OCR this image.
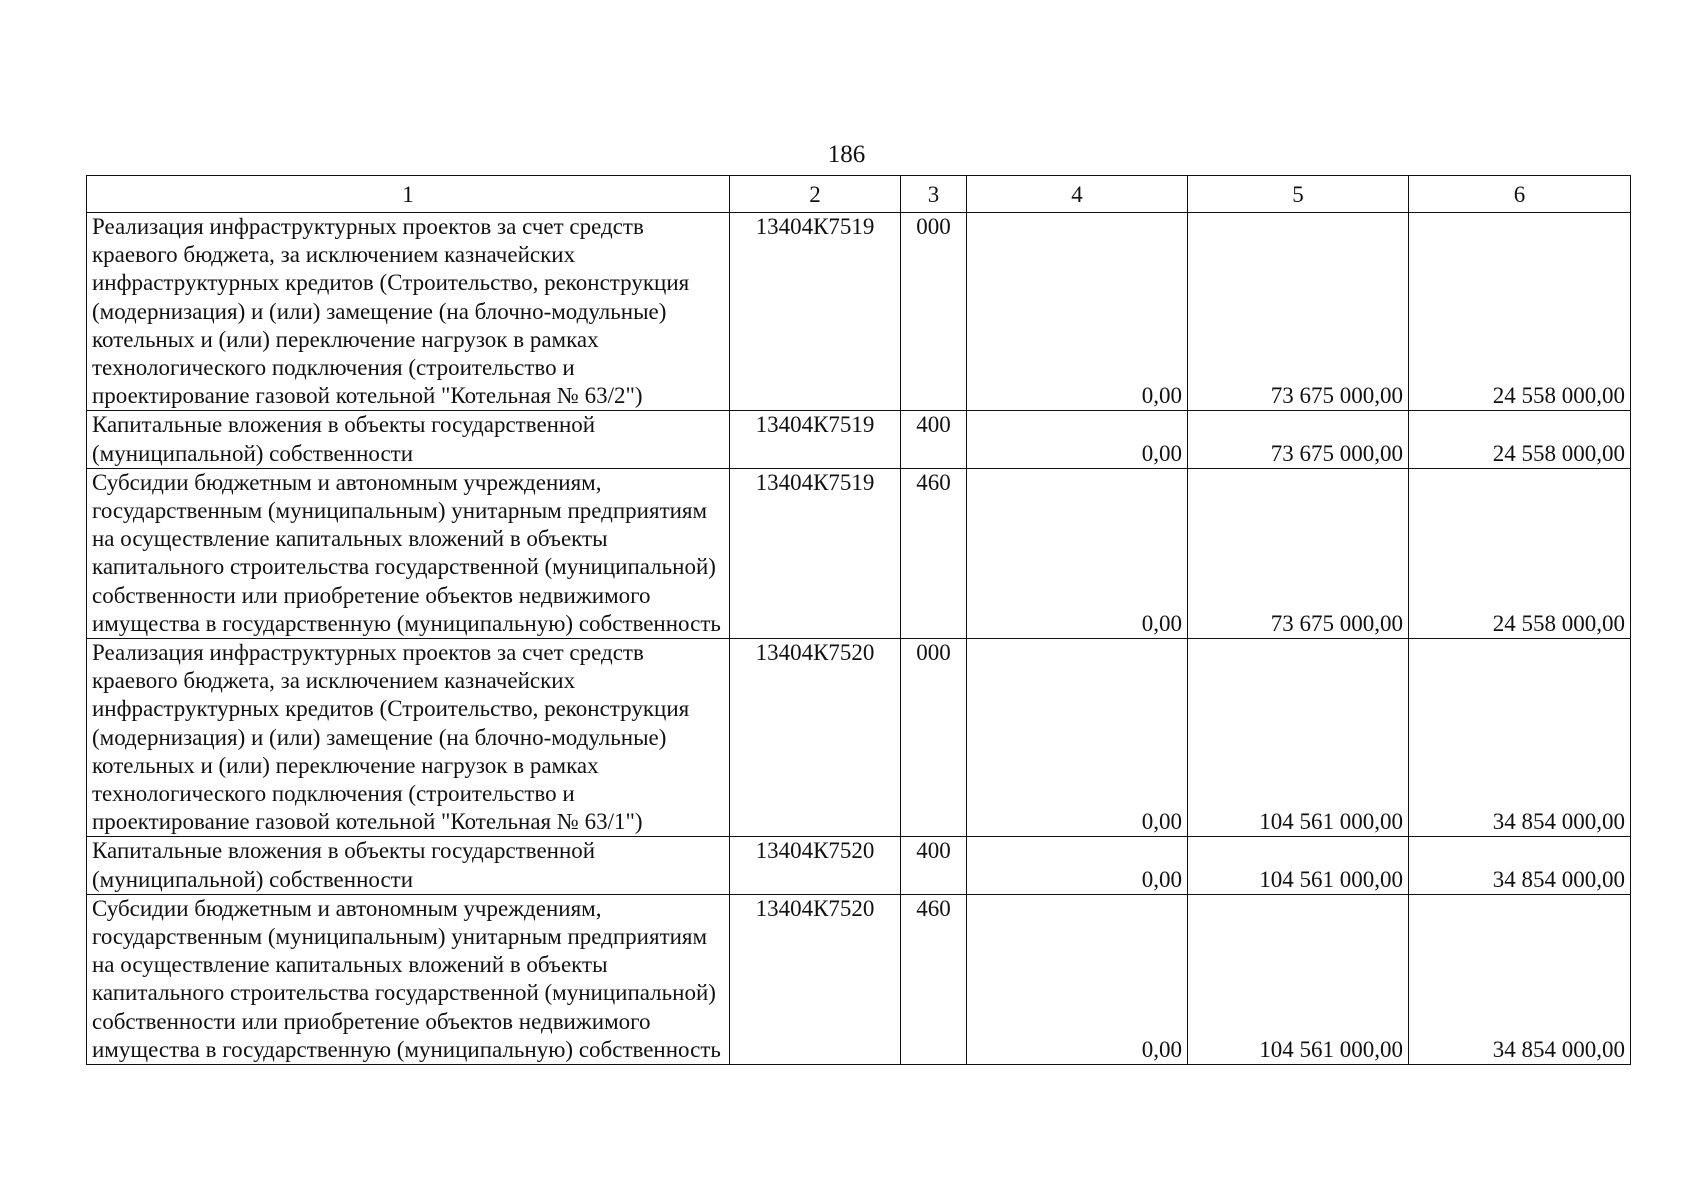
186
1	2	3	4	5	6
Реализация инфраструктурных проектов за счет средств краевого бюджета, за исключением казначейских инфраструктурных кредитов (Строительство, реконструкция (модернизация) и (или) замещение (на блочно-модульные) котельных и (или) переключение нагрузок в рамках технологического подключения (строительство и проектирование газовой котельной "Котельная № 63/2")	13404К7519	000	0,00	73 675 000,00	24 558 000,00
Капитальные вложения в объекты государственной (муниципальной) собственности	13404К7519	400	0,00	73 675 000,00	24 558 000,00
Субсидии бюджетным и автономным учреждениям, государственным (муниципальным) унитарным предприятиям на осуществление капитальных вложений в объекты капитального строительства государственной (муниципальной) собственности или приобретение объектов недвижимого имущества в государственную (муниципальную) собственность	13404К7519	460	0,00	73 675 000,00	24 558 000,00
Реализация инфраструктурных проектов за счет средств краевого бюджета, за исключением казначейских инфраструктурных кредитов (Строительство, реконструкция (модернизация) и (или) замещение (на блочно-модульные) котельных и (или) переключение нагрузок в рамках технологического подключения (строительство и проектирование газовой котельной "Котельная № 63/1")	13404К7520	000	0,00	104 561 000,00	34 854 000,00
Капитальные вложения в объекты государственной (муниципальной) собственности	13404К7520	400	0,00	104 561 000,00	34 854 000,00
Субсидии бюджетным и автономным учреждениям, государственным (муниципальным) унитарным предприятиям на осуществление капитальных вложений в объекты капитального строительства государственной (муниципальной) собственности или приобретение объектов недвижимого имущества в государственную (муниципальную) собственность	13404К7520	460	0,00	104 561 000,00	34 854 000,00
